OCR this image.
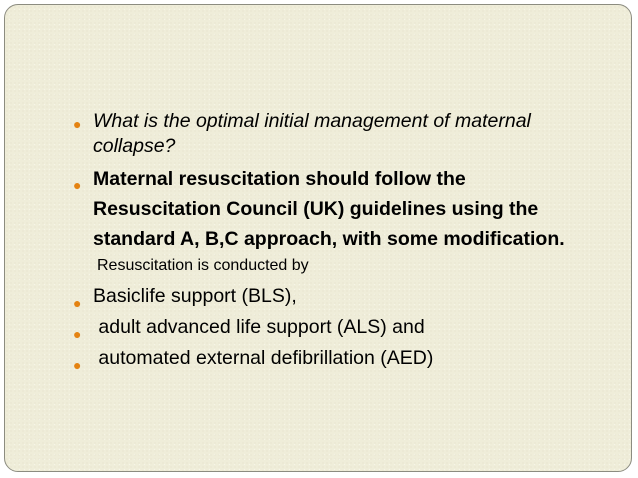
● What is the optimal initial management of maternal collapse?
● Maternal resuscitation should follow the Resuscitation Council (UK) guidelines using the standard A, B,C approach, with some modification.
Resuscitation is conducted by
● Basiclife support (BLS),
● adult advanced life support (ALS) and
● automated external defibrillation (AED)
